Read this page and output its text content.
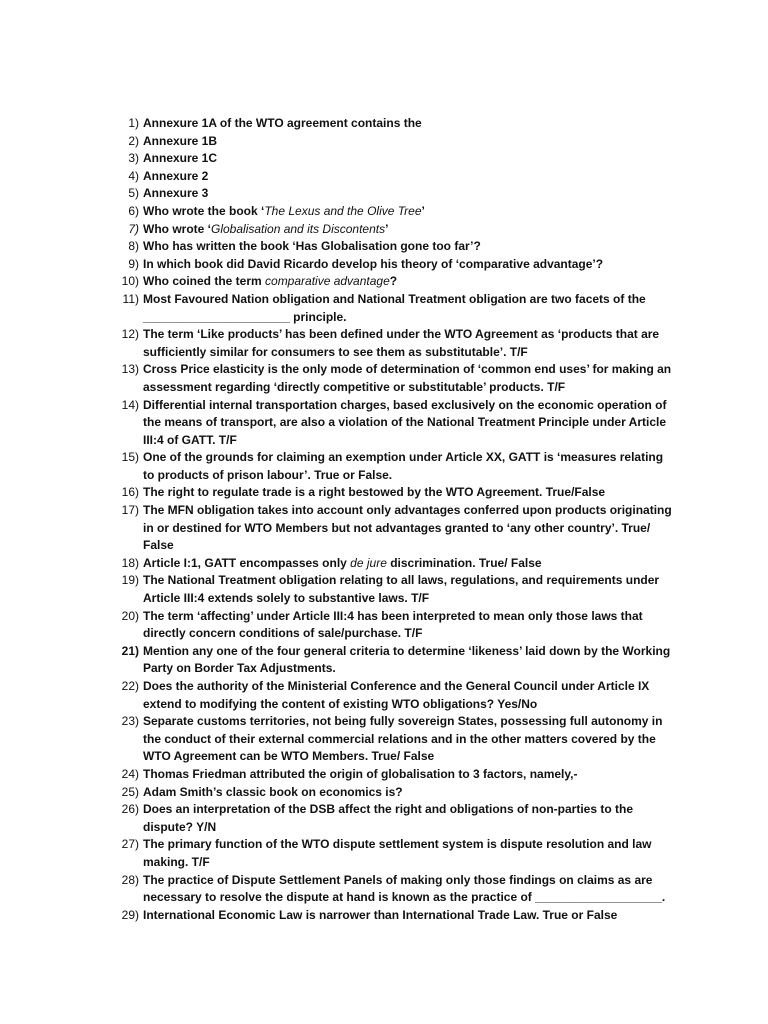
1) Annexure 1A of the WTO agreement contains the
2) Annexure 1B
3) Annexure 1C
4) Annexure 2
5) Annexure 3
6) Who wrote the book ‘The Lexus and the Olive Tree’
7) Who wrote ‘Globalisation and its Discontents’
8) Who has written the book ‘Has Globalisation gone too far’?
9) In which book did David Ricardo develop his theory of ‘comparative advantage’?
10) Who coined the term comparative advantage?
11) Most Favoured Nation obligation and National Treatment obligation are two facets of the ______________________ principle.
12) The term ‘Like products’ has been defined under the WTO Agreement as ‘products that are sufficiently similar for consumers to see them as substitutable’. T/F
13) Cross Price elasticity is the only mode of determination of ‘common end uses’ for making an assessment regarding ‘directly competitive or substitutable’ products. T/F
14) Differential internal transportation charges, based exclusively on the economic operation of the means of transport, are also a violation of the National Treatment Principle under Article III:4 of GATT. T/F
15) One of the grounds for claiming an exemption under Article XX, GATT is ‘measures relating to products of prison labour’. True or False.
16) The right to regulate trade is a right bestowed by the WTO Agreement. True/False
17) The MFN obligation takes into account only advantages conferred upon products originating in or destined for WTO Members but not advantages granted to ‘any other country’. True/ False
18) Article I:1, GATT encompasses only de jure discrimination. True/ False
19) The National Treatment obligation relating to all laws, regulations, and requirements under Article III:4 extends solely to substantive laws. T/F
20) The term ‘affecting’ under Article III:4 has been interpreted to mean only those laws that directly concern conditions of sale/purchase. T/F
21) Mention any one of the four general criteria to determine ‘likeness’ laid down by the Working Party on Border Tax Adjustments.
22) Does the authority of the Ministerial Conference and the General Council under Article IX extend to modifying the content of existing WTO obligations? Yes/No
23) Separate customs territories, not being fully sovereign States, possessing full autonomy in the conduct of their external commercial relations and in the other matters covered by the WTO Agreement can be WTO Members. True/ False
24) Thomas Friedman attributed the origin of globalisation to 3 factors, namely,-
25) Adam Smith’s classic book on economics is?
26) Does an interpretation of the DSB affect the right and obligations of non-parties to the dispute? Y/N
27) The primary function of the WTO dispute settlement system is dispute resolution and law making. T/F
28) The practice of Dispute Settlement Panels of making only those findings on claims as are necessary to resolve the dispute at hand is known as the practice of ___________________.
29) International Economic Law is narrower than International Trade Law. True or False
